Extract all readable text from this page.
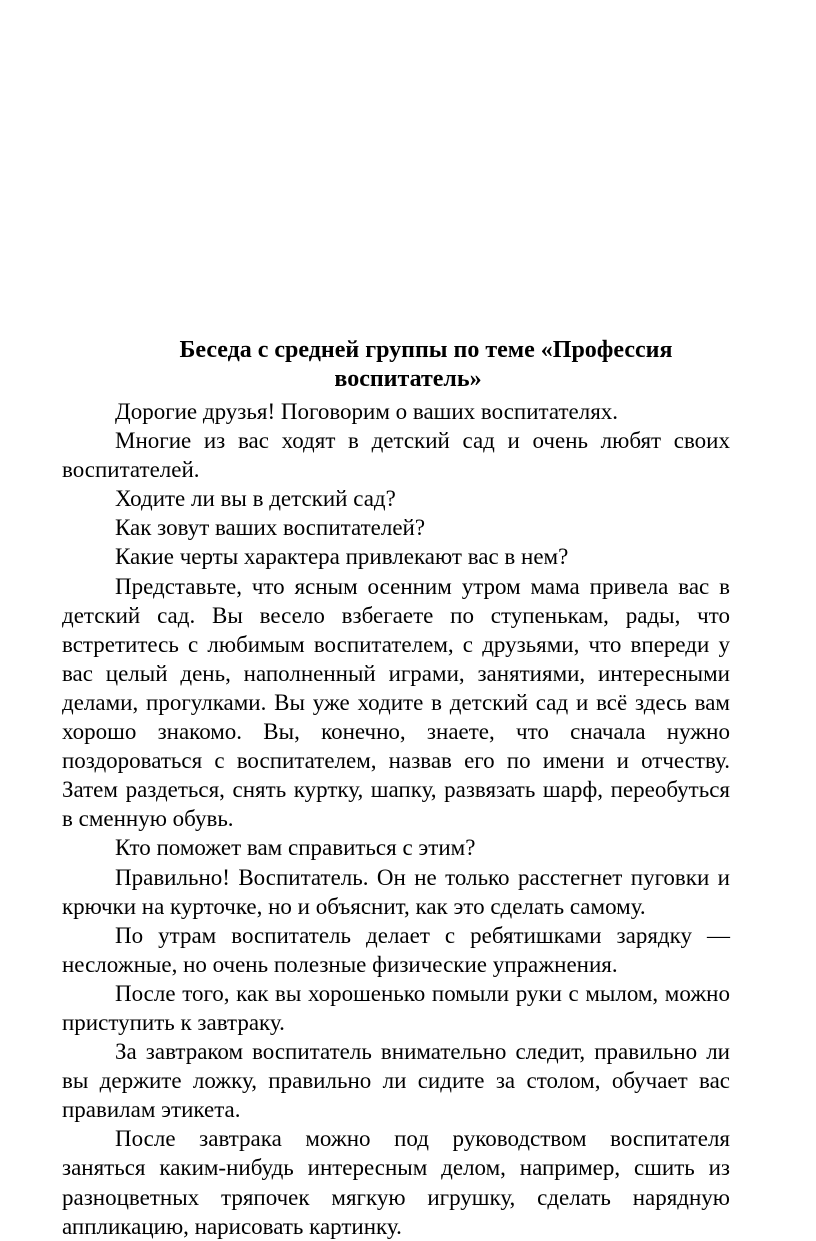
Беседа с средней группы по теме «Профессия
воспитатель»

Дорогие друзья! Поговорим о ваших воспитателях.

Многие из вас ходят в детский сад и очень любят своих воспитателей.

Ходите ли вы в детский сад?

Как зовут ваших воспитателей?

Какие черты характера привлекают вас в нем?

Представьте, что ясным осенним утром мама привела вас в детский сад. Вы весело взбегаете по ступенькам, рады, что встретитесь с любимым воспитателем, с друзьями, что впереди у вас целый день, наполненный играми, занятиями, интересными делами, прогулками. Вы уже ходите в детский сад и всё здесь вам хорошо знакомо. Вы, конечно, знаете, что сначала нужно поздороваться с воспитателем, назвав его по имени и отчеству. Затем раздеться, снять куртку, шапку, развязать шарф, переобуться в сменную обувь.

Кто поможет вам справиться с этим?

Правильно! Воспитатель. Он не только расстегнет пуговки и крючки на курточке, но и объяснит, как это сделать самому.

По утрам воспитатель делает с ребятишками зарядку — несложные, но очень полезные физические упражнения.

После того, как вы хорошенько помыли руки с мылом, можно приступить к завтраку.

За завтраком воспитатель внимательно следит, правильно ли вы держите ложку, правильно ли сидите за столом, обучает вас правилам этикета.

После завтрака можно под руководством воспитателя заняться каким-нибудь интересным делом, например, сшить из разноцветных тряпочек мягкую игрушку, сделать нарядную аппликацию, нарисовать картинку.
